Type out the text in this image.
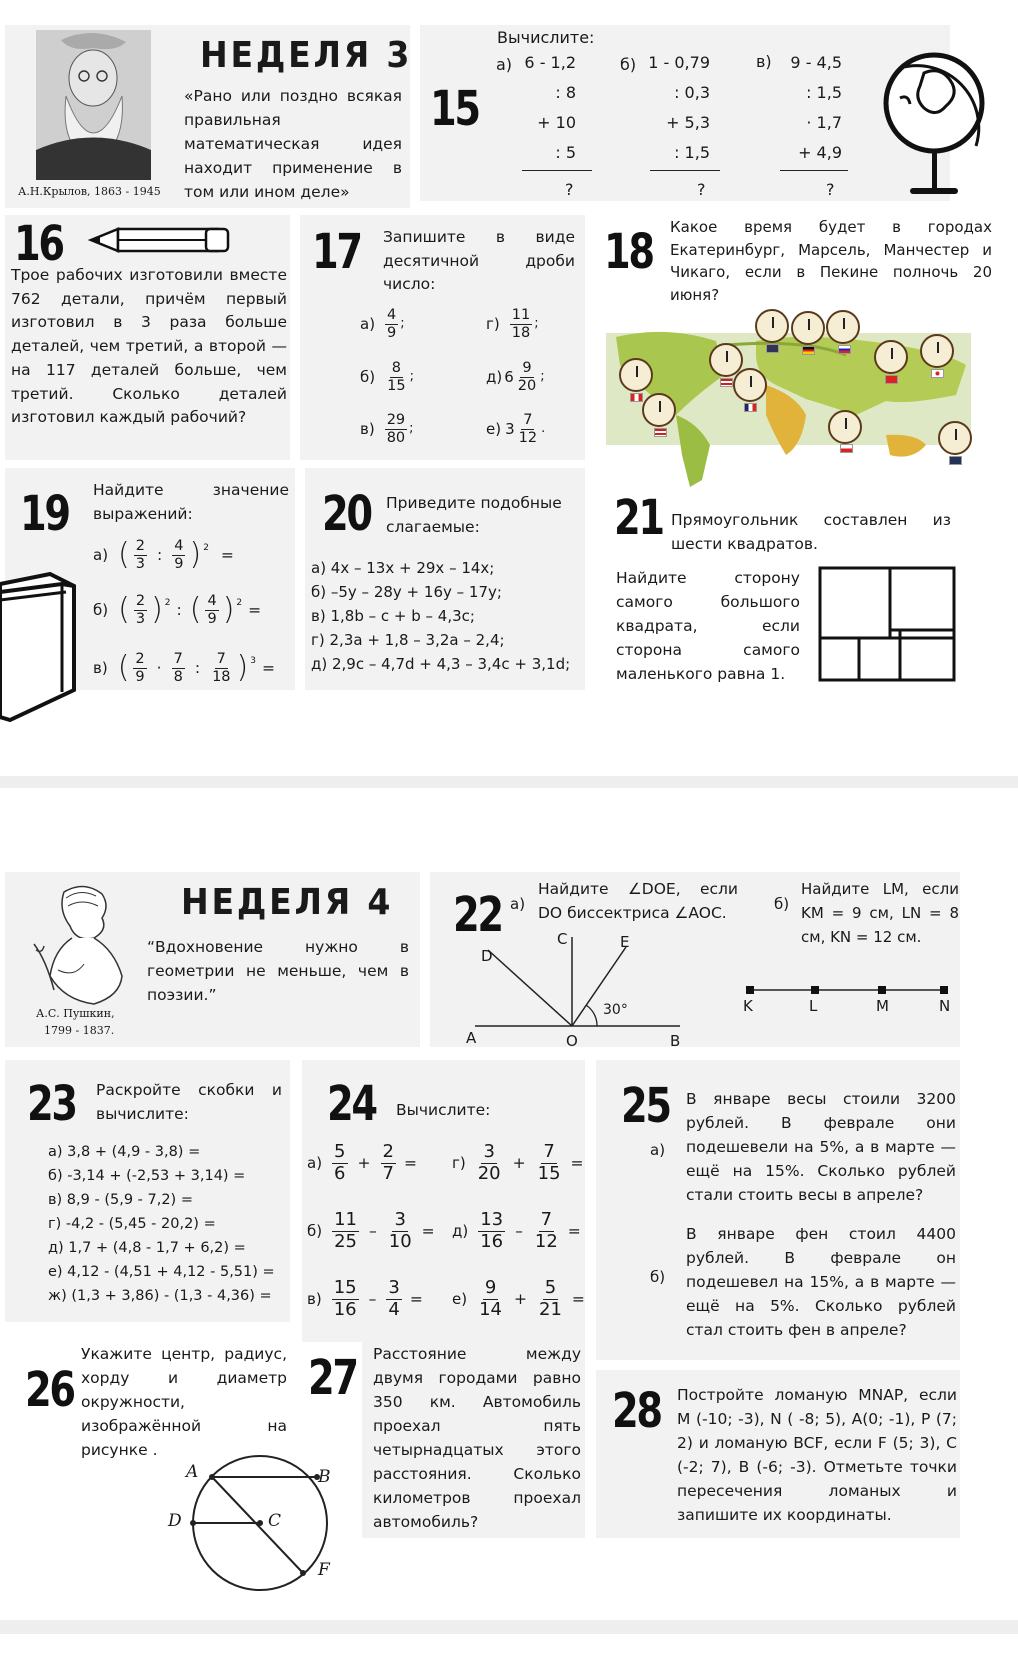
А.Н.Крылов, 1863 - 1945
НЕДЕЛЯ 3
«Рано или поздно всякая правильная математическая идея находит применение в том или ином деле»
15
Вычислите:
а) 6 - 1,2
: 8
+ 10
: 5
?
б) 1 - 0,79
: 0,3
+ 5,3
: 1,5
?
в)	9 - 4,5
: 1,5
· 1,7
+ 4,9
?
16
Трое рабочих изготовили вместе 762 детали, причём первый изготовил в 3 раза больше деталей, чем третий, а второй — на 117 деталей больше, чем третий. Сколько деталей изготовил каждый рабочий?
17 Запишите в виде десятичной дроби число:
$а) \frac{4}{9}$ ;	$г) \frac{11}{18}$ ;
$б) \frac{8}{15}$ ;	д) $6 \frac{9}{20}$ ;
$в) \frac{29}{80}$ ;	е) $3 \frac{7}{12}$ .
18 Какое время будет в городах Екатеринбург, Марсель, Манчестер и Чикаго, если в Пекине полночь 20 июня?
19 Найдите значение выражений:
а) ( $\frac{2}{3}$ : $\frac{4}{9} )^2$ =
б) ( $\frac{2}{3} )^2$ : ( $\frac{4}{9} )^2$ =
в) ( $\frac{2}{9} \cdot \frac{7}{8}$ : $\frac{7}{18} )^3$ =
20 Приведите подобные слагаемые:
а) 4x – 13x + 29x – 14x;
б) –5y – 28y + 16y – 17y;
в) 1,8b – c + b – 4,3c;
г) 2,3a + 1,8 – 3,2a – 2,4;
д) 2,9c – 4,7d + 4,3 – 3,4c + 3,1d;
21 Прямоугольник составлен из шести квадратов.
Найдите сторону самого большого квадрата, если сторона самого маленького равна 1.
А.С. Пушкин,
1799 - 1837.
НЕДЕЛЯ 4
“Вдохновение нужно в геометрии не меньше, чем в поэзии.”
22 а)
Найдите ∠DOE, если DO биссектриса ∠AOC.	б)
Найдите LM, если KM = 9 см, LN = 8 см, KN = 12 см.
D
C	E
30°
A	O	B
K	L	M	N
23 Раскройте скобки и вычислите:
а) 3,8 + (4,9 - 3,8) =
б) -3,14 + (-2,53 + 3,14) =
в) 8,9 - (5,9 - 7,2) =
г) -4,2 - (5,45 - 20,2) =
д) 1,7 + (4,8 - 1,7 + 6,2) =
е) 4,12 - (4,51 + 4,12 - 5,51) =
ж) (1,3 + 3,86) - (1,3 - 4,36) =
24 Вычислите:
$а) \frac{5}{6} + \frac{2}{7} = г) \frac{3}{20} + \frac{7}{15}$ =
$б) \frac{11}{25} - \frac{3}{10} = д) \frac{13}{16} - \frac{7}{12}$ =
$в) \frac{15}{16} - \frac{3}{4} = е) \frac{9}{14} + \frac{5}{21}$ =
25
а)
В январе весы стоили 3200 рублей. В феврале они подешевели на 5%, а в марте — ещё на 15%. Сколько рублей стали стоить весы в апреле?
б)
В январе фен стоил 4400 рублей. В феврале он подешевел на 15%, а в марте — ещё на 5%. Сколько рублей стал стоить фен в апреле?
26
Укажите центр, радиус, хорду и диаметр окружности, изображённой на рисунке .
A	B
D	C
F
27 Расстояние между двумя городами равно 350 км. Автомобиль проехал пять четырнадцатых этого расстояния. Сколько километров проехал автомобиль?
28 Постройте ломаную MNAP, если M (-10; -3), N ( -8; 5), A(0; -1), P (7; 2) и ломаную BCF, если F (5; 3), C (-2; 7), B (-6; -3). Отметьте точки пересечения ломаных и запишите их координаты.
